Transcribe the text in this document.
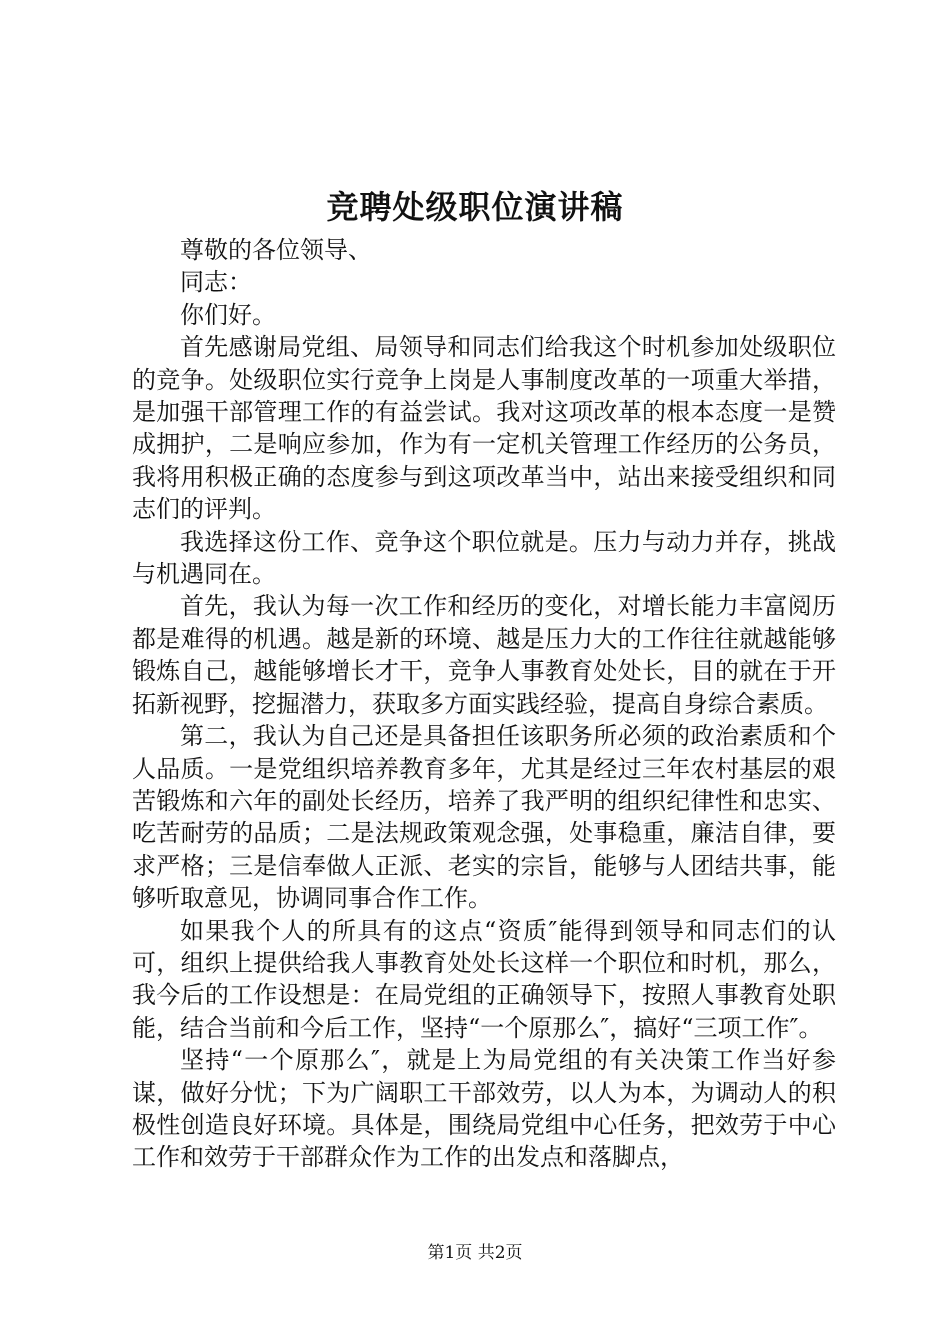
竞聘处级职位演讲稿

尊敬的各位领导、

同志：

你们好。

首先感谢局党组、局领导和同志们给我这个时机参加处级职位的竞争。处级职位实行竞争上岗是人事制度改革的一项重大举措，是加强干部管理工作的有益尝试。我对这项改革的根本态度一是赞成拥护，二是响应参加，作为有一定机关管理工作经历的公务员，我将用积极正确的态度参与到这项改革当中，站出来接受组织和同志们的评判。

我选择这份工作、竞争这个职位就是。压力与动力并存，挑战与机遇同在。

首先，我认为每一次工作和经历的变化，对增长能力丰富阅历都是难得的机遇。越是新的环境、越是压力大的工作往往就越能够锻炼自己，越能够增长才干，竞争人事教育处处长，目的就在于开拓新视野，挖掘潜力，获取多方面实践经验，提高自身综合素质。

第二，我认为自己还是具备担任该职务所必须的政治素质和个人品质。一是党组织培养教育多年，尤其是经过三年农村基层的艰苦锻炼和六年的副处长经历，培养了我严明的组织纪律性和忠实、吃苦耐劳的品质；二是法规政策观念强，处事稳重，廉洁自律，要求严格；三是信奉做人正派、老实的宗旨，能够与人团结共事，能够听取意见，协调同事合作工作。

如果我个人的所具有的这点“资质″能得到领导和同志们的认可，组织上提供给我人事教育处处长这样一个职位和时机，那么，我今后的工作设想是：在局党组的正确领导下，按照人事教育处职能，结合当前和今后工作，坚持“一个原那么″，搞好“三项工作″。

坚持“一个原那么″，就是上为局党组的有关决策工作当好参谋，做好分忧；下为广阔职工干部效劳，以人为本，为调动人的积极性创造良好环境。具体是，围绕局党组中心任务，把效劳于中心工作和效劳于干部群众作为工作的出发点和落脚点，

第1页 共2页
